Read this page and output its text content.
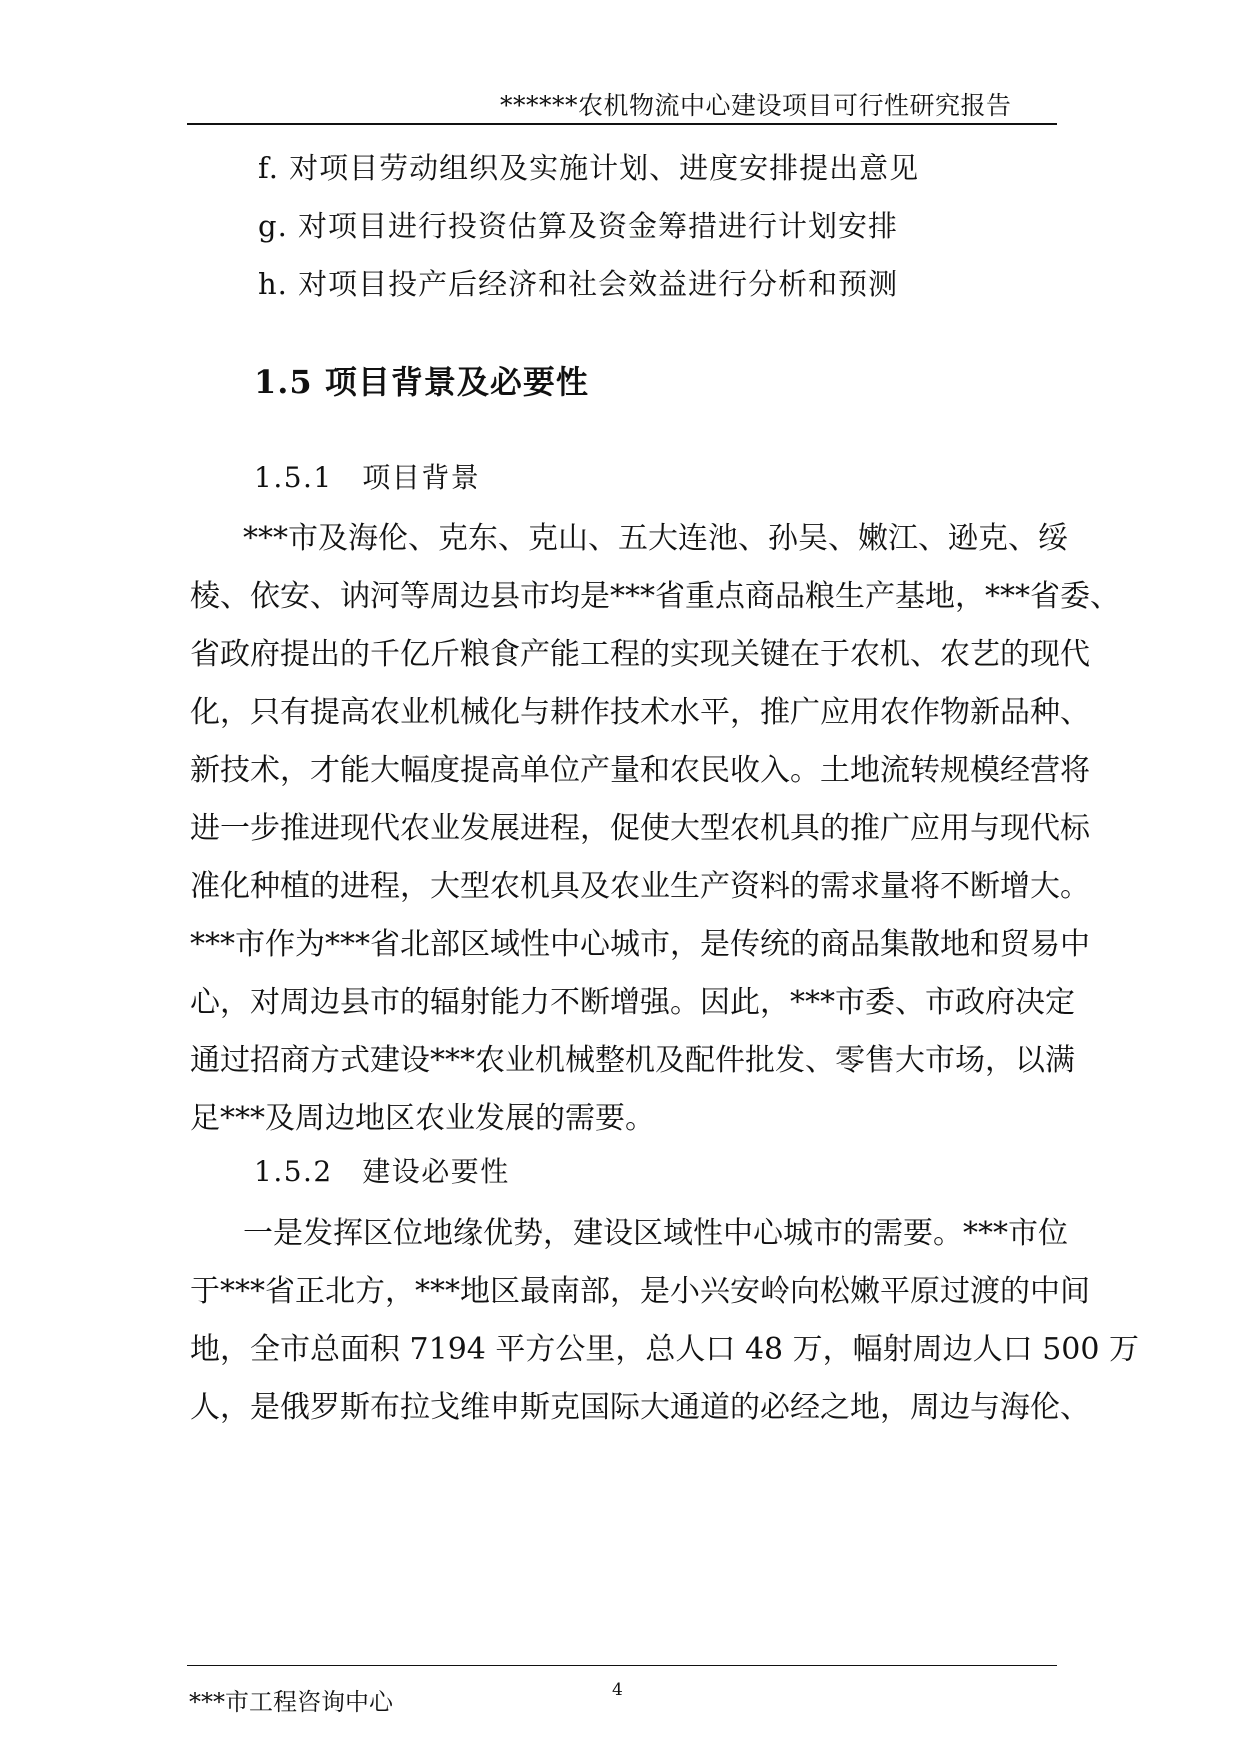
******农机物流中心建设项目可行性研究报告
f. 对项目劳动组织及实施计划、进度安排提出意见
g. 对项目进行投资估算及资金筹措进行计划安排
h. 对项目投产后经济和社会效益进行分析和预测
1.5 项目背景及必要性
1.5.1　项目背景
***市及海伦、克东、克山、五大连池、孙吴、嫩江、逊克、绥
棱、依安、讷河等周边县市均是***省重点商品粮生产基地，***省委、
省政府提出的千亿斤粮食产能工程的实现关键在于农机、农艺的现代
化，只有提高农业机械化与耕作技术水平，推广应用农作物新品种、
新技术，才能大幅度提高单位产量和农民收入。土地流转规模经营将
进一步推进现代农业发展进程，促使大型农机具的推广应用与现代标
准化种植的进程，大型农机具及农业生产资料的需求量将不断增大。
***市作为***省北部区域性中心城市，是传统的商品集散地和贸易中
心，对周边县市的辐射能力不断增强。因此，***市委、市政府决定
通过招商方式建设***农业机械整机及配件批发、零售大市场，以满
足***及周边地区农业发展的需要。
1.5.2　建设必要性
一是发挥区位地缘优势，建设区域性中心城市的需要。***市位
于***省正北方，***地区最南部，是小兴安岭向松嫩平原过渡的中间
地，全市总面积 7194 平方公里，总人口 48 万，幅射周边人口 500 万
人，是俄罗斯布拉戈维申斯克国际大通道的必经之地，周边与海伦、
***市工程咨询中心	4
